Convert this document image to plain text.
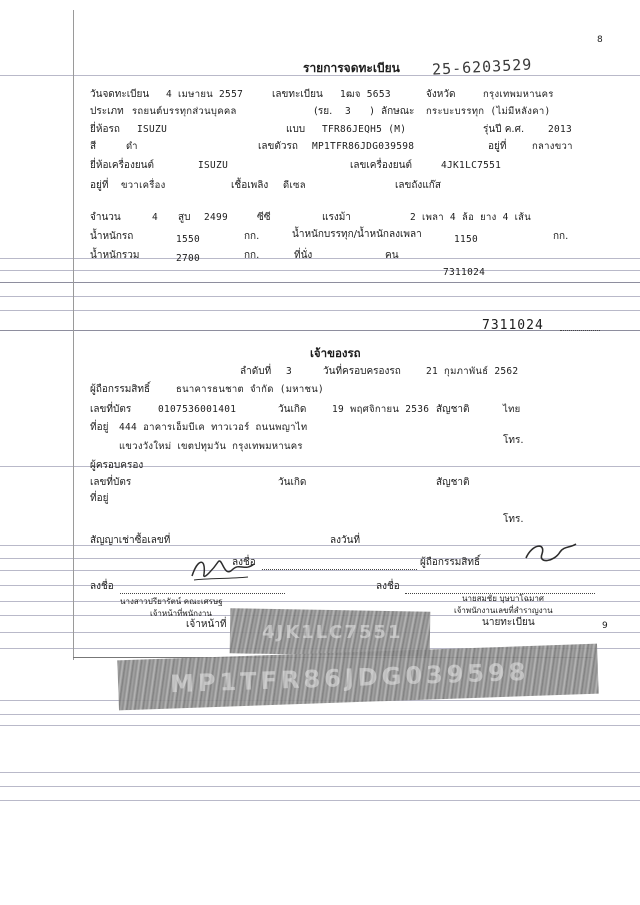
8
รายการจดทะเบียน 25-6203529
วันจดทะเบียน 4 เมษายน 2557	เลขทะเบียน 1ฒจ 5653	จังหวัด	กรุงเทพมหานคร
ประเภท รถยนต์บรรทุกส่วนบุคคล	(รย. 3 ) ลักษณะ กระบะบรรทุก (ไม่มีหลังคา)
ยี่ห้อรถ ISUZU	แบบ TFR86JEQH5 (M)	รุ่นปี ค.ศ.	2013
สี	ดำ	เลขตัวรถ MP1TFR86JDG039598	อยู่ที่	กลางขวา
ยี่ห้อเครื่องยนต์	ISUZU	เลขเครื่องยนต์	4JK1LC7551
อยู่ที่ ขวาเครื่อง	เชื้อเพลิง ดีเซล	เลขถังแก๊ส
จำนวน	4 สูบ 2499	ซีซี	แรงม้า	2 เพลา 4 ล้อ ยาง 4 เส้น
น้ำหนักรถ	1550	กก.	น้ำหนักบรรทุก/น้ำหนักลงเพลา	1150	กก.
น้ำหนักรวม	2700	กก.	ที่นั่ง	คน
7311024
7311024
เจ้าของรถ
ลำดับที่ 3	วันที่ครอบครองรถ	21 กุมภาพันธ์ 2562
ผู้ถือกรรมสิทธิ์	ธนาคารธนชาต จำกัด (มหาชน)
เลขที่บัตร	0107536001401	วันเกิด	19 พฤศจิกายน 2536 สัญชาติ	ไทย
ที่อยู่ 444 อาคารเอ็มบีเค ทาวเวอร์ ถนนพญาไท
แขวงวังใหม่ เขตปทุมวัน กรุงเทพมหานคร
โทร.
ผู้ครอบครอง
เลขที่บัตร	วันเกิด	สัญชาติ
ที่อยู่
โทร.
สัญญาเช่าซื้อเลขที่	ลงวันที่
ลงชื่อ	ผู้ถือกรรมสิทธิ์
ลงชื่อ	ลงชื่อ
นางสาวปรียารัตน์ คณะเศรษฐ	นายสมชัย บุษบาโฉมาศ
เจ้าหน้าที่พนักงาน	เจ้าพนักงานเลขที่สำราญงาน
เจ้าหน้าที่	นายทะเบียน	9
4JK1LC7551
MP1TFR86JDG039598
